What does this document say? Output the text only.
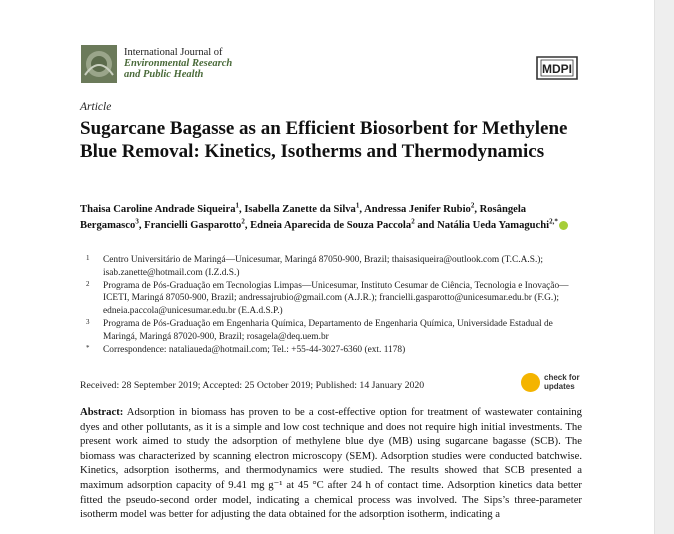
International Journal of
Environmental Research
and Public Health	MDPI
Article
Sugarcane Bagasse as an Efficient Biosorbent for Methylene Blue Removal: Kinetics, Isotherms and Thermodynamics
Thaisa Caroline Andrade Siqueira$^1$, Isabella Zanette da Silva$^1$, Andressa Jenifer Rubio$^2$, Rosângela Bergamasco$^3$, Francielli Gasparotto$^2$, Edneia Aparecida de Souza Paccola$^2$ and Natália Ueda Yamaguchi$^{2,*}$
1 Centro Universitário de Maringá—Unicesumar, Maringá 87050-900, Brazil; thaisasiqueira@outlook.com (T.C.A.S.); isab.zanette@hotmail.com (I.Z.d.S.)
2 Programa de Pós-Graduação em Tecnologias Limpas—Unicesumar, Instituto Cesumar de Ciência, Tecnologia e Inovação—ICETI, Maringá 87050-900, Brazil; andressajrubio@gmail.com (A.J.R.); francielli.gasparotto@unicesumar.edu.br (F.G.); edneia.paccola@unicesumar.edu.br (E.A.d.S.P.)
3 Programa de Pós-Graduação em Engenharia Química, Departamento de Engenharia Química, Universidade Estadual de Maringá, Maringá 87020-900, Brazil; rosagela@deq.uem.br
* Correspondence: nataliaueda@hotmail.com; Tel.: +55-44-3027-6360 (ext. 1178)
Received: 28 September 2019; Accepted: 25 October 2019; Published: 14 January 2020
check for
updates
Abstract: Adsorption in biomass has proven to be a cost-effective option for treatment of wastewater containing dyes and other pollutants, as it is a simple and low cost technique and does not require high initial investments. The present work aimed to study the adsorption of methylene blue dye (MB) using sugarcane bagasse (SCB). The biomass was characterized by scanning electron microscopy (SEM). Adsorption studies were conducted batchwise. Kinetics, adsorption isotherms, and thermodynamics were studied. The results showed that SCB presented a maximum adsorption capacity of 9.41 mg g⁻¹ at 45 °C after 24 h of contact time. Adsorption kinetics data better fitted the pseudo-second order model, indicating a chemical process was involved. The Sips’s three-parameter isotherm model was better for adjusting the data obtained for the adsorption isotherm, indicating a
